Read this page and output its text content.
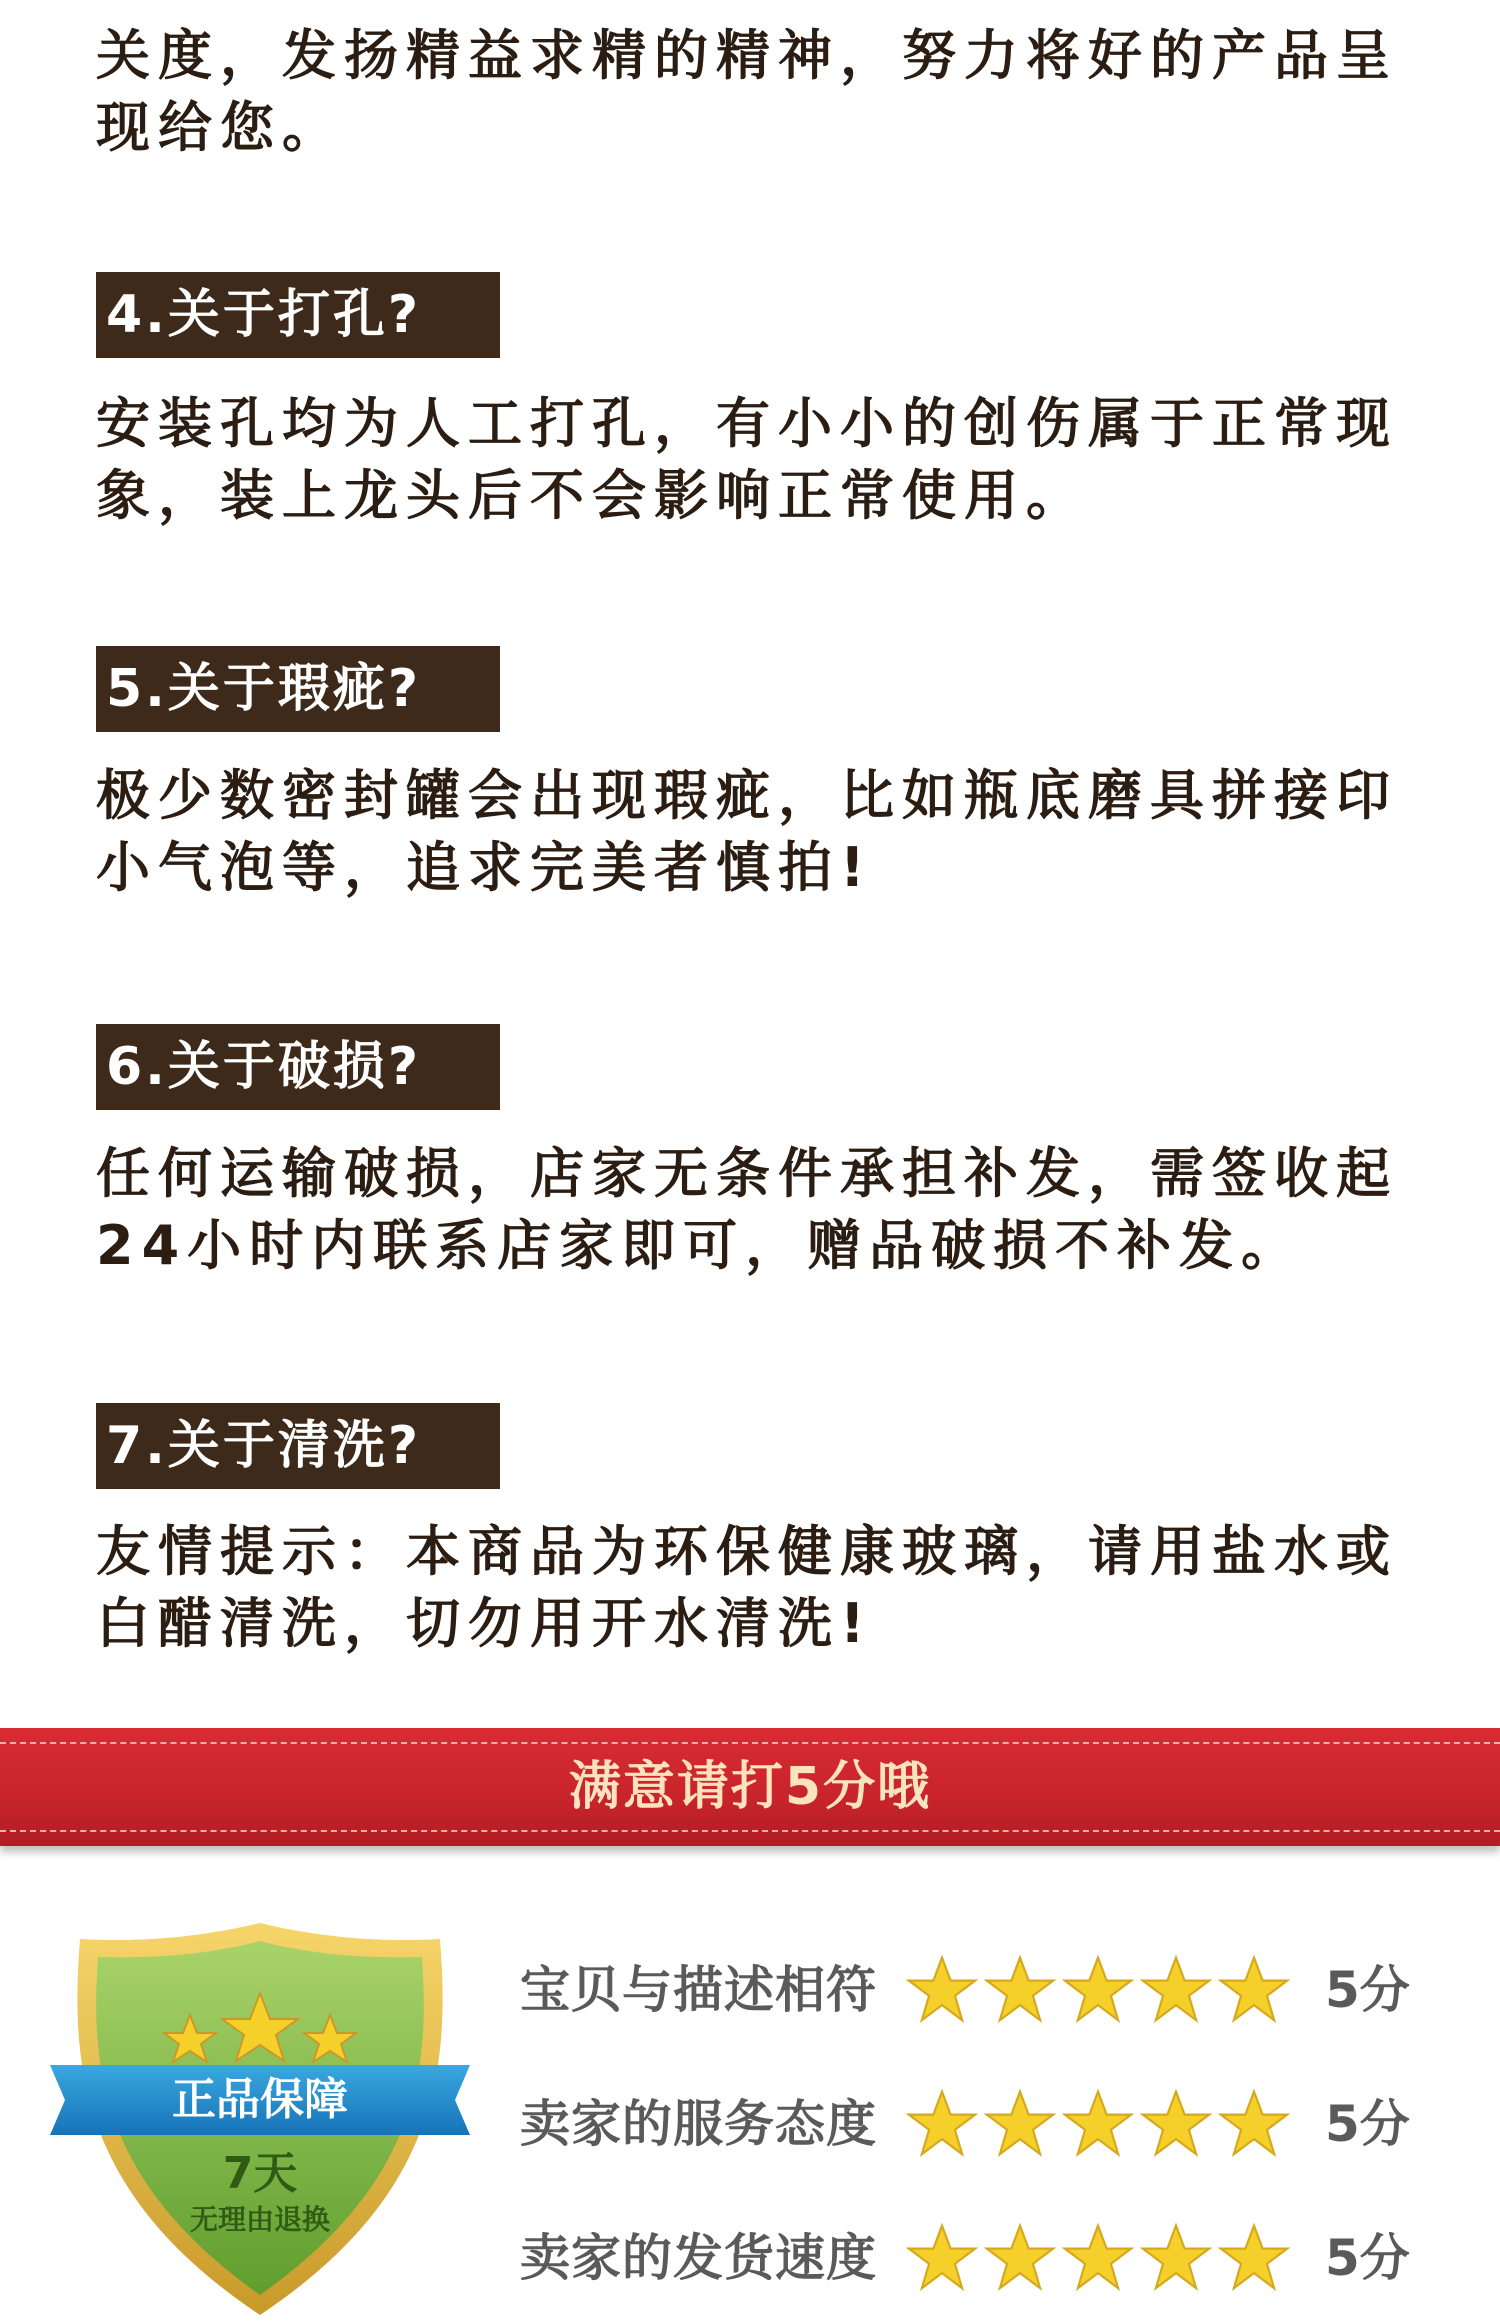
关度，发扬精益求精的精神，努力将好的产品呈现给您。
4.关于打孔?
安装孔均为人工打孔，有小小的创伤属于正常现象，装上龙头后不会影响正常使用。
5.关于瑕疵?
极少数密封罐会出现瑕疵，比如瓶底磨具拼接印小气泡等，追求完美者慎拍!
6.关于破损?
任何运输破损，店家无条件承担补发，需签收起24小时内联系店家即可，赠品破损不补发。
7.关于清洗?
友情提示：本商品为环保健康玻璃，请用盐水或白醋清洗，切勿用开水清洗!
满意请打5分哦
正品保障
7天
无理由退换
宝贝与描述相符	5分
卖家的服务态度	5分
卖家的发货速度	5分
